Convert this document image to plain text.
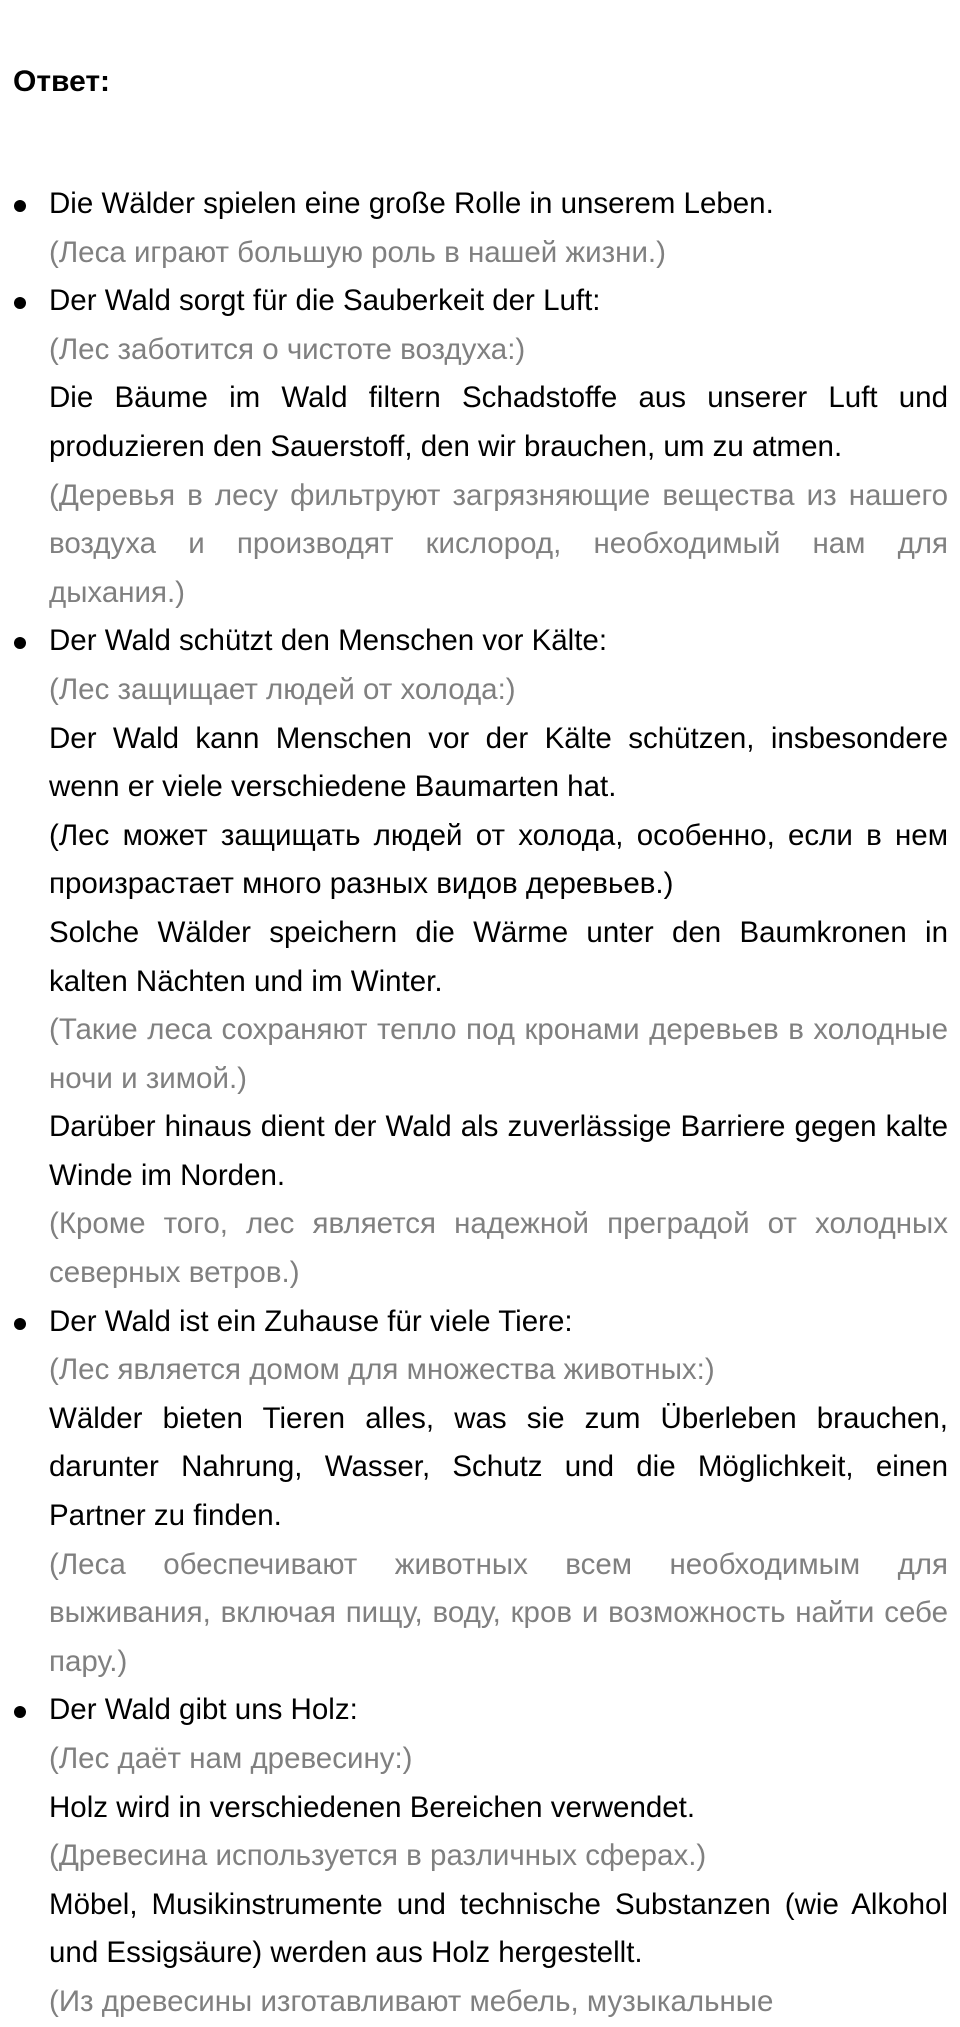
Ответ:

Die Wälder spielen eine große Rolle in unserem Leben.

(Леса играют большую роль в нашей жизни.)

Der Wald sorgt für die Sauberkeit der Luft:

(Лес заботится о чистоте воздуха:)

Die Bäume im Wald filtern Schadstoffe aus unserer Luft und produzieren den Sauerstoff, den wir brauchen, um zu atmen.

(Деревья в лесу фильтруют загрязняющие вещества из нашего воздуха и производят кислород, необходимый нам для дыхания.)

Der Wald schützt den Menschen vor Kälte:

(Лес защищает людей от холода:)

Der Wald kann Menschen vor der Kälte schützen, insbesondere wenn er viele verschiedene Baumarten hat.

(Лес может защищать людей от холода, особенно, если в нем произрастает много разных видов деревьев.)

Solche Wälder speichern die Wärme unter den Baumkronen in kalten Nächten und im Winter.

(Такие леса сохраняют тепло под кронами деревьев в холодные ночи и зимой.)

Darüber hinaus dient der Wald als zuverlässige Barriere gegen kalte Winde im Norden.

(Кроме того, лес является надежной преградой от холодных северных ветров.)

Der Wald ist ein Zuhause für viele Tiere:

(Лес является домом для множества животных:)

Wälder bieten Tieren alles, was sie zum Überleben brauchen, darunter Nahrung, Wasser, Schutz und die Möglichkeit, einen Partner zu finden.

(Леса обеспечивают животных всем необходимым для выживания, включая пищу, воду, кров и возможность найти себе пару.)

Der Wald gibt uns Holz:

(Лес даёт нам древесину:)

Holz wird in verschiedenen Bereichen verwendet.

(Древесина используется в различных сферах.)

Möbel, Musikinstrumente und technische Substanzen (wie Alkohol und Essigsäure) werden aus Holz hergestellt.

(Из древесины изготавливают мебель, музыкальные
